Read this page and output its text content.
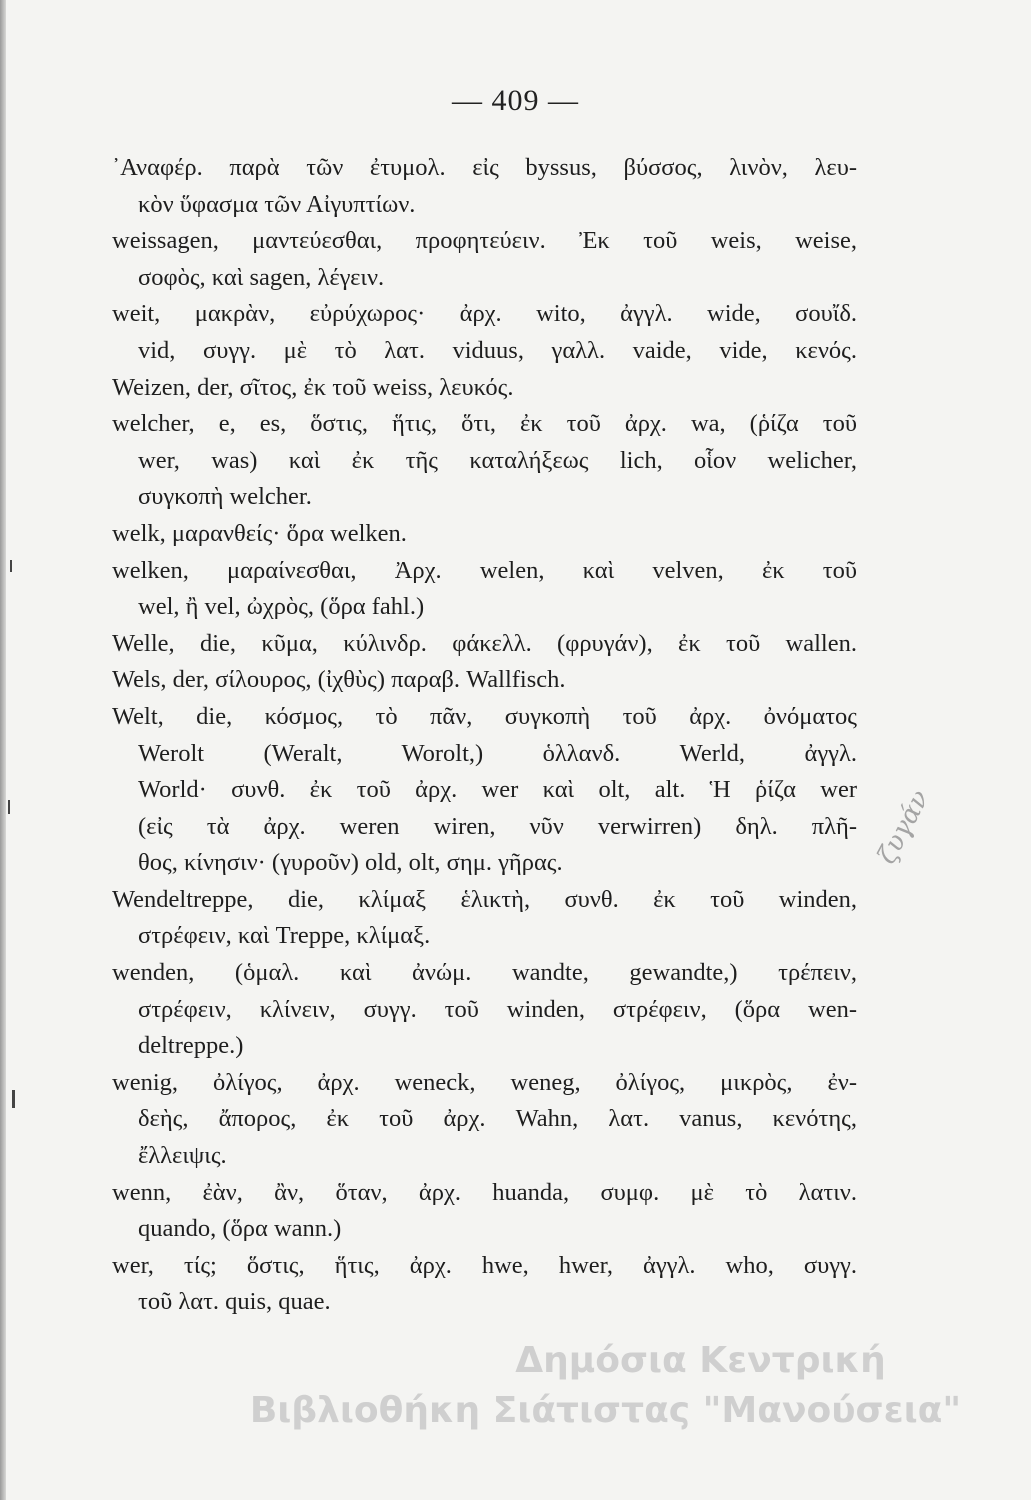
— 409 —
᾿Αναφέρ. παρὰ τῶν ἐτυμολ. εἰς byssus, βύσσος, λινὸν, λευ-
κὸν ὕφασμα τῶν Αἰγυπτίων.
weissagen, μαντεύεσθαι, προφητεύειν. Ἐκ τοῦ weis, weise,
σοφὸς, καὶ sagen, λέγειν.
weit, μακρὰν, εὐρύχωρος· ἀρχ. wito, ἀγγλ. wide, σουἴδ.
vid, συγγ. μὲ τὸ λατ. viduus, γαλλ. vaide, vide, κενός.
Weizen, der, σῖτος, ἐκ τοῦ weiss, λευκός.
welcher, e, es, ὅστις, ἥτις, ὅτι, ἐκ τοῦ ἀρχ. wa, (ῥίζα τοῦ
wer, was) καὶ ἐκ τῆς καταλήξεως lich, οἷον welicher,
συγκοπὴ welcher.
welk, μαρανθείς· ὅρα welken.
welken, μαραίνεσθαι, Ἀρχ. welen, καὶ velven, ἐκ τοῦ
wel, ἢ vel, ὠχρὸς, (ὅρα fahl.)
Welle, die, κῦμα, κύλινδρ. φάκελλ. (φρυγάν), ἐκ τοῦ wallen.
Wels, der, σίλουρος, (ἰχθὺς) παραβ. Wallfisch.
Welt, die, κόσμος, τὸ πᾶν, συγκοπὴ τοῦ ἀρχ. ὀνόματος
Werolt (Weralt, Worolt,) ὁλλανδ. Werld, ἀγγλ.
World· συνθ. ἐκ τοῦ ἀρχ. wer καὶ olt, alt. Ἡ ῥίζα wer
(εἰς τὰ ἀρχ. weren wiren, νῦν verwirren) δηλ. πλῆ-
θος, κίνησιν· (γυροῦν) old, olt, σημ. γῆρας.
Wendeltreppe, die, κλίμαξ ἑλικτὴ, συνθ. ἐκ τοῦ winden,
στρέφειν, καὶ Treppe, κλίμαξ.
wenden, (ὁμαλ. καὶ ἀνώμ. wandte, gewandte,) τρέπειν,
στρέφειν, κλίνειν, συγγ. τοῦ winden, στρέφειν, (ὅρα wen-
deltreppe.)
wenig, ὀλίγος, ἀρχ. weneck, weneg, ὀλίγος, μικρὸς, ἐν-
δεὴς, ἄπορος, ἐκ τοῦ ἀρχ. Wahn, λατ. vanus, κενότης,
ἔλλειψις.
wenn, ἐὰν, ἂν, ὅταν, ἀρχ. huanda, συμφ. μὲ τὸ λατιν.
quando, (ὅρα wann.)
wer, τίς; ὅστις, ἥτις, ἀρχ. hwe, hwer, ἀγγλ. who, συγγ.
τοῦ λατ. quis, quae.
ζυγάν
Δημόσια Κεντρική
Βιβλιοθήκη Σιάτιστας "Μανούσεια"
